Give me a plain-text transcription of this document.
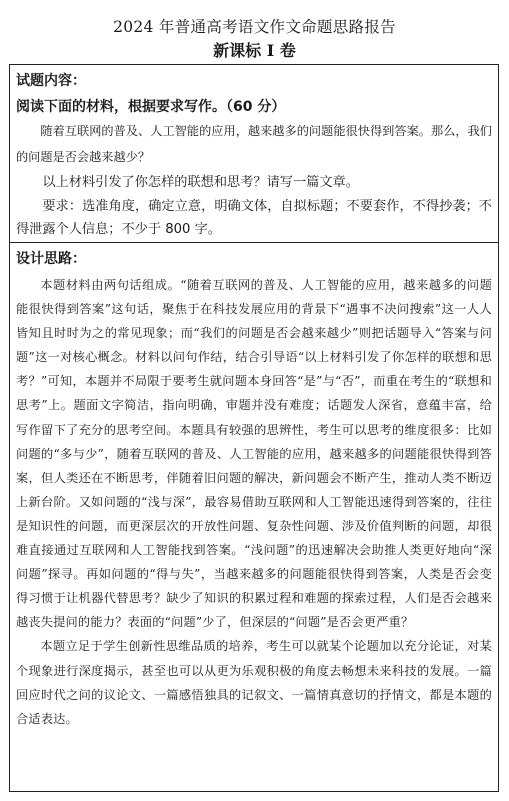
2024 年普通高考语文作文命题思路报告
新课标 I 卷
试题内容：
阅读下面的材料，根据要求写作。（60 分）
随着互联网的普及、人工智能的应用，越来越多的问题能很快得到答案。那么，我们的问题是否会越来越少？
以上材料引发了你怎样的联想和思考？请写一篇文章。
要求：选准角度，确定立意，明确文体，自拟标题；不要套作，不得抄袭；不得泄露个人信息；不少于 800 字。
设计思路：

本题材料由两句话组成。“随着互联网的普及、人工智能的应用，越来越多的问题能很快得到答案”这句话，聚焦于在科技发展应用的背景下“遇事不决问搜索”这一人人皆知且时时为之的常见现象；而“我们的问题是否会越来越少”则把话题导入“答案与问题”这一对核心概念。材料以问句作结，结合引导语“以上材料引发了你怎样的联想和思考？”可知，本题并不局限于要考生就问题本身回答“是”与“否”，而重在考生的“联想和思考”上。题面文字简洁，指向明确，审题并没有难度；话题发人深省，意蕴丰富，给写作留下了充分的思考空间。本题具有较强的思辨性，考生可以思考的维度很多：比如问题的“多与少”，随着互联网的普及、人工智能的应用，越来越多的问题能很快得到答案，但人类还在不断思考，伴随着旧问题的解决，新问题会不断产生，推动人类不断迈上新台阶。又如问题的“浅与深”，最容易借助互联网和人工智能迅速得到答案的，往往是知识性的问题，而更深层次的开放性问题、复杂性问题、涉及价值判断的问题，却很难直接通过互联网和人工智能找到答案。“浅问题”的迅速解决会助推人类更好地向“深问题”探寻。再如问题的“得与失”，当越来越多的问题能很快得到答案，人类是否会变得习惯于让机器代替思考？缺少了知识的积累过程和难题的探索过程，人们是否会越来越丧失提问的能力？表面的“问题”少了，但深层的“问题”是否会更严重？

本题立足于学生创新性思维品质的培养，考生可以就某个论题加以充分论证，对某个现象进行深度揭示，甚至也可以从更为乐观积极的角度去畅想未来科技的发展。一篇回应时代之问的议论文、一篇感悟独具的记叙文、一篇情真意切的抒情文，都是本题的合适表达。
